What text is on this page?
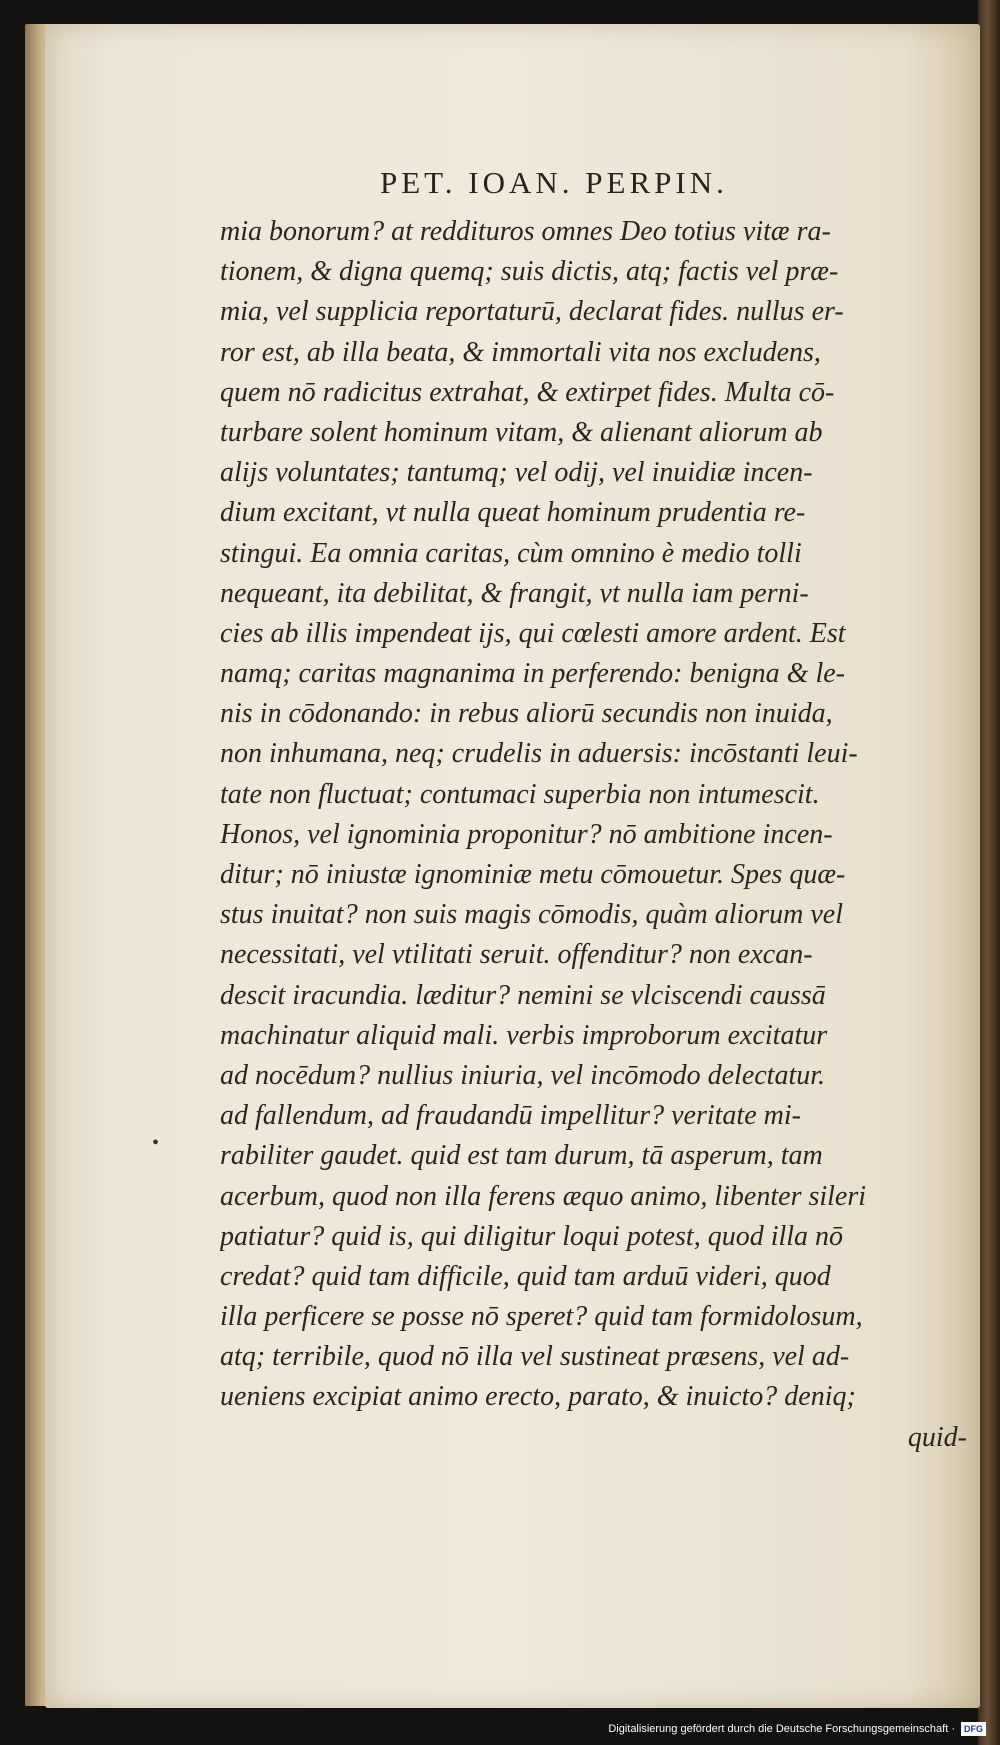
PET. IOAN. PERPIN.
mia bonorum? at reddituros omnes Deo totius vitæ ra-
tionem, & digna quemq; suis dictis, atq; factis vel præ-
mia, vel supplicia reportaturū, declarat fides. nullus er-
ror est, ab illa beata, & immortali vita nos excludens,
quem nō radicitus extrahat, & extirpet fides. Multa cō-
turbare solent hominum vitam, & alienant aliorum ab
alijs voluntates; tantumq; vel odij, vel inuidiæ incen-
dium excitant, vt nulla queat hominum prudentia re-
stingui. Ea omnia caritas, cùm omnino è medio tolli
nequeant, ita debilitat, & frangit, vt nulla iam perni-
cies ab illis impendeat ijs, qui cœlesti amore ardent. Est
namq; caritas magnanima in perferendo: benigna & le-
nis in cōdonando: in rebus aliorū secundis non inuida,
non inhumana, neq; crudelis in aduersis: incōstanti leui-
tate non fluctuat; contumaci superbia non intumescit.
Honos, vel ignominia proponitur? nō ambitione incen-
ditur; nō iniustæ ignominiæ metu cōmouetur. Spes quæ-
stus inuitat? non suis magis cōmodis, quàm aliorum vel
necessitati, vel vtilitati seruit. offenditur? non excan-
descit iracundia. læditur? nemini se vlciscendi caussā
machinatur aliquid mali. verbis improborum excitatur
ad nocēdum? nullius iniuria, vel incōmodo delectatur.
ad fallendum, ad fraudandū impellitur? veritate mi-
rabiliter gaudet. quid est tam durum, tā asperum, tam
acerbum, quod non illa ferens æquo animo, libenter sileri
patiatur? quid is, qui diligitur loqui potest, quod illa nō
credat? quid tam difficile, quid tam arduū videri, quod
illa perficere se posse nō speret? quid tam formidolosum,
atq; terribile, quod nō illa vel sustineat præsens, vel ad-
ueniens excipiat animo erecto, parato, & inuicto? deniq;
quid-
•
Digitalisierung gefördert durch die Deutsche Forschungsgemeinschaft ·	DFG
